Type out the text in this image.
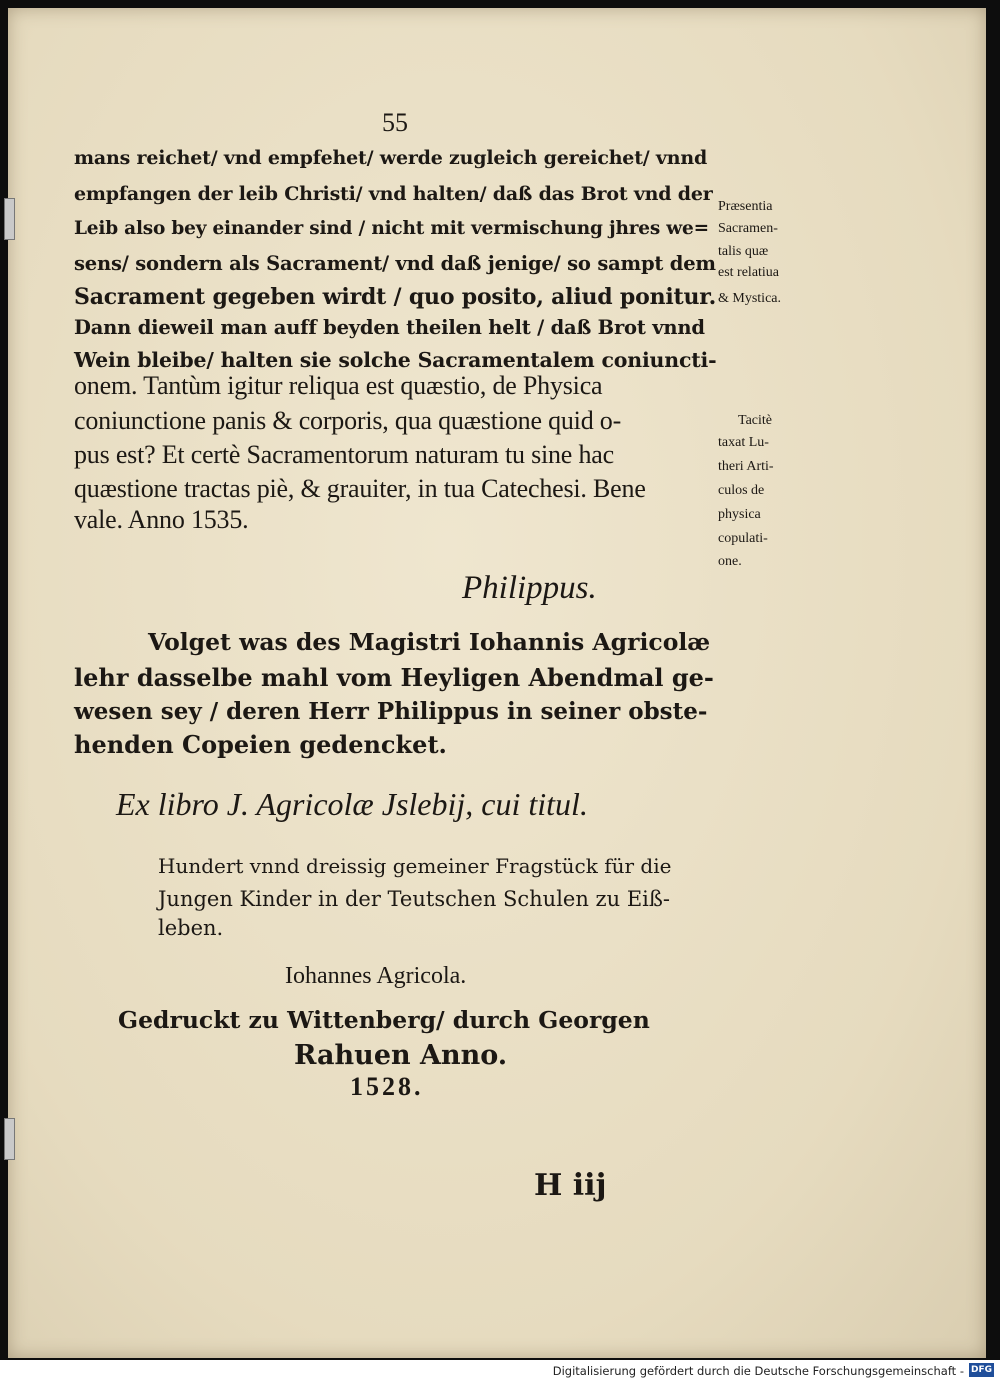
55
mans reichet/ vnd empfehet/ werde zugleich gereichet/ vnnd
empfangen der leib Christi/ vnd halten/ daß das Brot vnd der
Leib also bey einander sind / nicht mit vermischung jhres we=
sens/ sondern als Sacrament/ vnd daß jenige/ so sampt dem
Sacrament gegeben wirdt / quo posito, aliud ponitur.
Dann dieweil man auff beyden theilen helt / daß Brot vnnd
Wein bleibe/ halten sie solche Sacramentalem coniuncti-
onem. Tantùm igitur reliqua est quæstio, de Physica
coniunctione panis & corporis, qua quæstione quid o-
pus est? Et certè Sacramentorum naturam tu sine hac
quæstione tractas piè, & grauiter, in tua Catechesi. Bene
vale. Anno 1535.
Præsentia
Sacramen-
talis quæ
est relatiua
& Mystica.
Tacitè
taxat Lu-
theri Arti-
culos de
physica
copulati-
one.
Philippus.
Volget was des Magistri Iohannis Agricolæ
lehr dasselbe mahl vom Heyligen Abendmal ge-
wesen sey / deren Herr Philippus in seiner obste-
henden Copeien gedencket.
Ex libro J. Agricolæ Jslebij, cui titul.
Hundert vnnd dreissig gemeiner Fragstück für die
Jungen Kinder in der Teutschen Schulen zu Eiß-
leben.
Iohannes Agricola.
Gedruckt zu Wittenberg/ durch Georgen
Rahuen Anno.
1528.
H iij
Digitalisierung gefördert durch die Deutsche Forschungsgemeinschaft - DFG
